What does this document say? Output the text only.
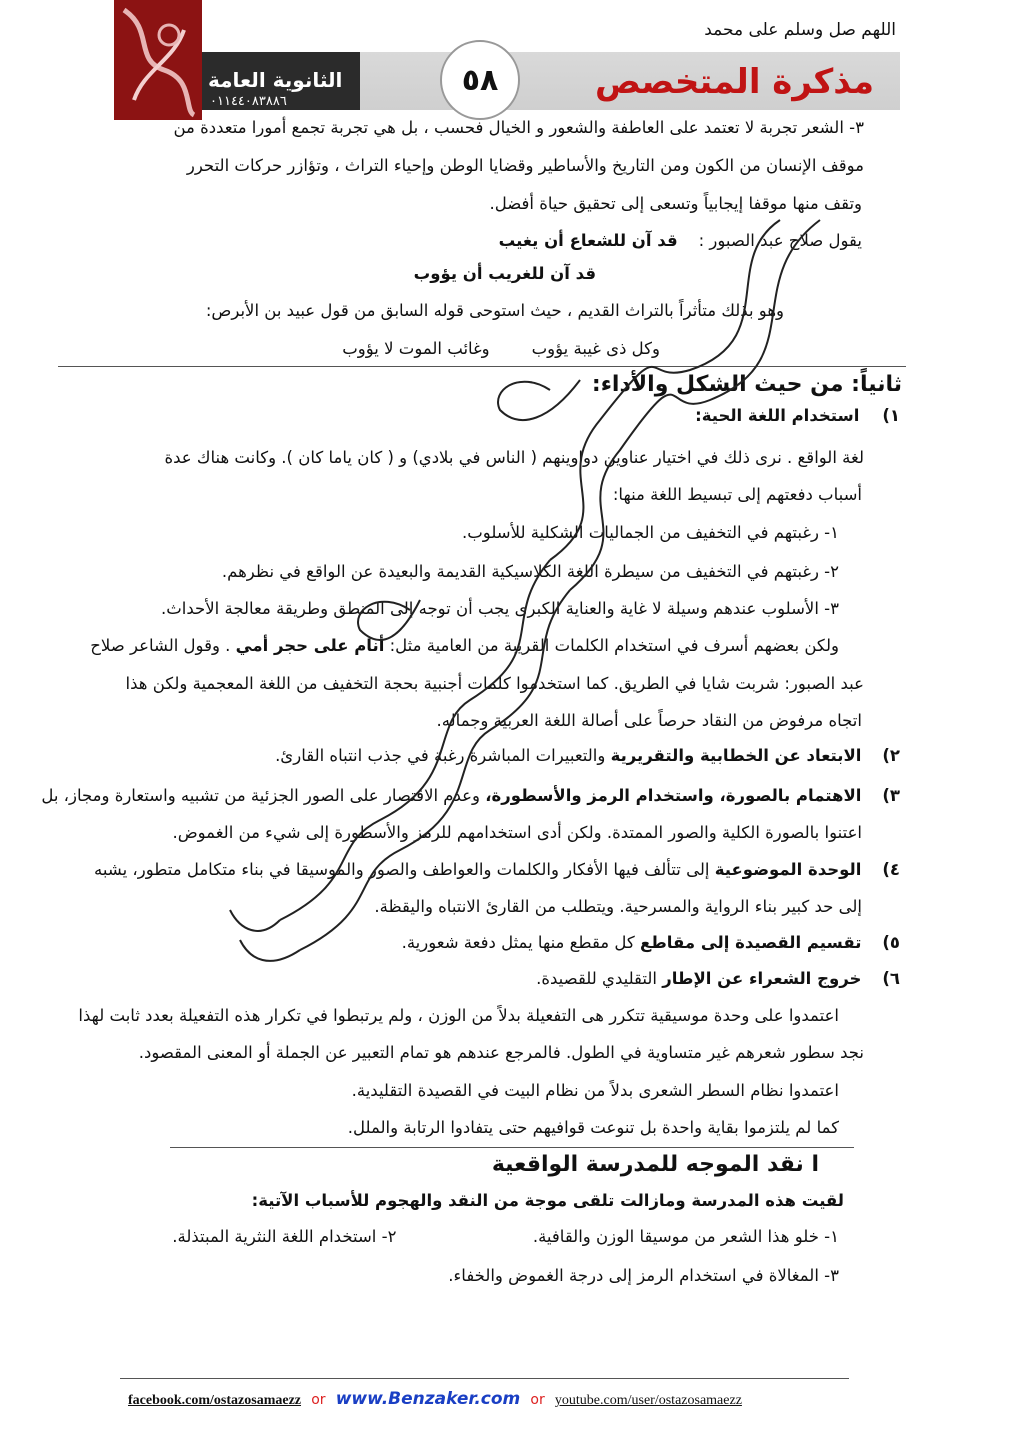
اللهم صل وسلم على محمد
الثانوية العامة
٠١١٤٤٠٨٣٨٨٦	مذكرة المتخصص
٥٨
٣- الشعر تجربة لا تعتمد على العاطفة والشعور و الخيال فحسب ، بل هي تجربة تجمع أمورا متعددة من
موقف الإنسان من الكون ومن التاريخ والأساطير وقضايا الوطن وإحياء التراث ، وتؤازر حركات التحرر
وتقف منها موقفا إيجابياً وتسعى إلى تحقيق حياة أفضل.
يقول صلاح عبد الصبور :    قد آن للشعاع أن يغيب
قد آن للغريب أن يؤوب
وهو بذلك متأثراً بالتراث القديم ، حيث استوحى قوله السابق من قول عبيد بن الأبرص:
وكل ذى غيبة يؤوب        وغائب الموت لا يؤوب
ثانياً: من حيث الشكل والأداء:
١)    استخدام اللغة الحية:
لغة الواقع . نرى ذلك في اختيار عناوين دواوينهم ( الناس في بلادي) و ( كان ياما كان ). وكانت هناك عدة
أسباب دفعتهم إلى تبسيط اللغة منها:
١- رغبتهم في التخفيف من الجماليات الشكلية للأسلوب.
٢- رغبتهم في التخفيف من سيطرة اللغة الكلاسيكية القديمة والبعيدة عن الواقع في نظرهم.
٣- الأسلوب عندهم وسيلة لا غاية والعناية الكبرى يجب أن توجه إلى المنطق وطريقة معالجة الأحداث.
ولكن بعضهم أسرف في استخدام الكلمات القريبة من العامية مثل: أنام على حجر أمي . وقول الشاعر صلاح
عبد الصبور: شربت شايا في الطريق. كما استخدموا كلمات أجنبية بحجة التخفيف من اللغة المعجمية ولكن هذا
اتجاه مرفوض من النقاد حرصاً على أصالة اللغة العربية وجماله.
٢)    الابتعاد عن الخطابية والتقريرية والتعبيرات المباشرة رغبة في جذب انتباه القارئ.
٣)    الاهتمام بالصورة، واستخدام الرمز والأسطورة، وعدم الاقتصار على الصور الجزئية من تشبيه واستعارة ومجاز، بل
اعتنوا بالصورة الكلية والصور الممتدة. ولكن أدى استخدامهم للرمز والأسطورة إلى شيء من الغموض.
٤)    الوحدة الموضوعية إلى تتألف فيها الأفكار والكلمات والعواطف والصور والموسيقا في بناء متكامل متطور، يشبه
إلى حد كبير بناء الرواية والمسرحية. ويتطلب من القارئ الانتباه واليقظة.
٥)    تقسيم القصيدة إلى مقاطع كل مقطع منها يمثل دفعة شعورية.
٦)    خروج الشعراء عن الإطار التقليدي للقصيدة.
اعتمدوا على وحدة موسيقية تتكرر هى التفعيلة بدلاً من الوزن ، ولم يرتبطوا في تكرار هذه التفعيلة بعدد ثابت لهذا
نجد سطور شعرهم غير متساوية في الطول. فالمرجع عندهم هو تمام التعبير عن الجملة أو المعنى المقصود.
اعتمدوا نظام السطر الشعرى بدلاً من نظام البيت في القصيدة التقليدية.
كما لم يلتزموا بقاية واحدة بل تنوعت قوافيهم حتى يتفادوا الرتابة والملل.
ا نقد الموجه للمدرسة الواقعية
لقيت هذه المدرسة ومازالت تلقى موجة من النقد والهجوم للأسباب الآتية:
١- خلو هذا الشعر من موسيقا الوزن والقافية.                          ٢- استخدام اللغة النثرية المبتذلة.
٣- المغالاة في استخدام الرمز إلى درجة الغموض والخفاء.
facebook.com/ostazosamaezz or www.Benzaker.com or youtube.com/user/ostazosamaezz
